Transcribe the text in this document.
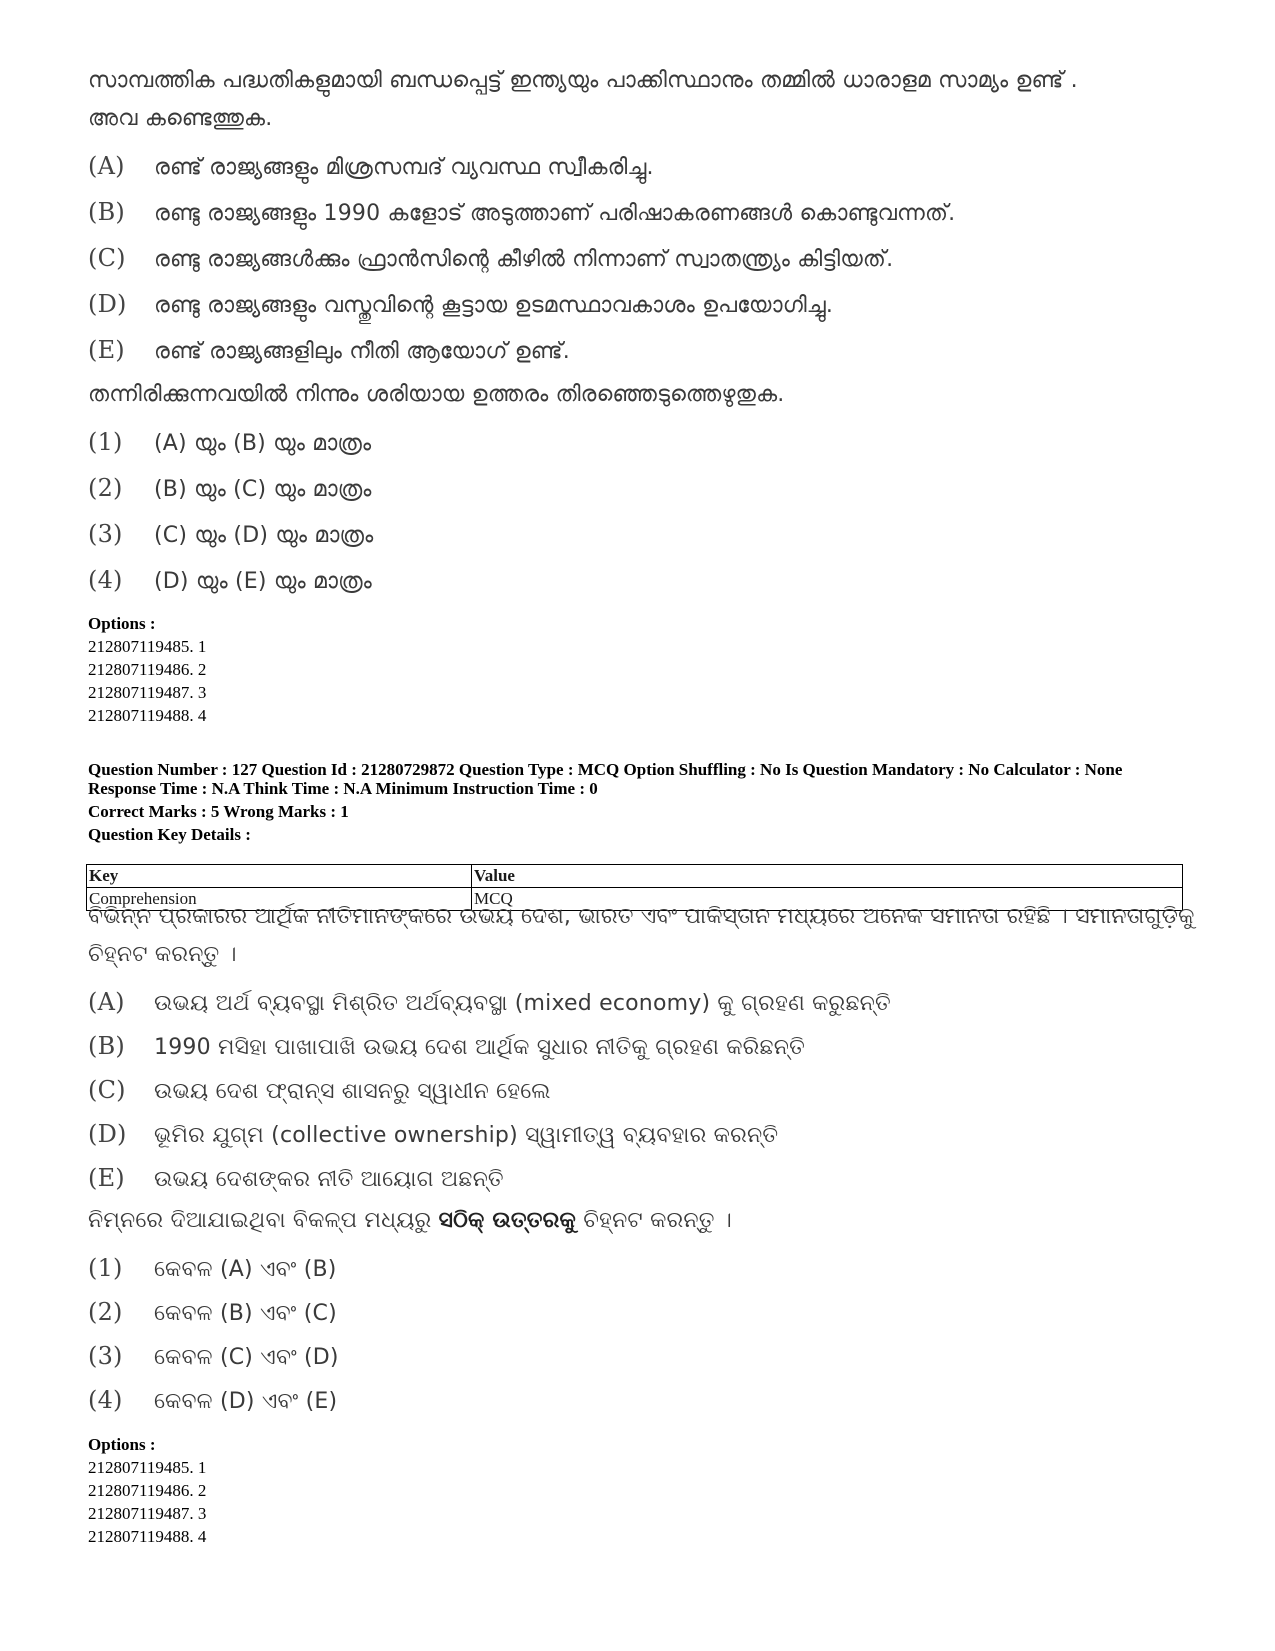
സാമ്പത്തിക പദ്ധതികളുമായി ബന്ധപ്പെട്ട് ഇന്ത്യയും പാക്കിസ്ഥാനും തമ്മിൽ ധാരാളമ സാമ്യം ഉണ്ട് .
അവ കണ്ടെത്തുക.
(A) രണ്ട് രാജ്യങ്ങളും മിശ്രസമ്പദ് വ്യവസ്ഥ സ്വീകരിച്ചു.
(B) രണ്ടു രാജ്യങ്ങളും 1990 കളോട് അടുത്താണ് പരിഷാകരണങ്ങൾ കൊണ്ടുവന്നത്.
(C) രണ്ടു രാജ്യങ്ങൾക്കും ഫ്രാൻസിന്റെ കീഴിൽ നിന്നാണ് സ്വാതന്ത്ര്യം കിട്ടിയത്.
(D) രണ്ടു രാജ്യങ്ങളും വസ്തുവിന്റെ കൂട്ടായ ഉടമസ്ഥാവകാശം ഉപയോഗിച്ചു.
(E) രണ്ട് രാജ്യങ്ങളിലും നീതി ആയോഗ് ഉണ്ട്.
തന്നിരിക്കുന്നവയിൽ നിന്നും ശരിയായ ഉത്തരം തിരഞ്ഞെടുത്തെഴുതുക.
(1) (A) യും (B) യും മാത്രം
(2) (B) യും (C) യും മാത്രം
(3) (C) യും (D) യും മാത്രം
(4) (D) യും (E) യും മാത്രം
Options :
212807119485. 1
212807119486. 2
212807119487. 3
212807119488. 4
Question Number : 127 Question Id : 21280729872 Question Type : MCQ Option Shuffling : No Is Question Mandatory : No Calculator : None
Response Time : N.A Think Time : N.A Minimum Instruction Time : 0
Correct Marks : 5 Wrong Marks : 1
Question Key Details :
Key	Value
Comprehension	MCQ
ବିଭିନ୍ନ ପ୍ରକାରର ଆର୍ଥିକ ନୀତିମାନଙ୍କରେ ଉଭୟ ଦେଶ, ଭାରତ ଏବଂ ପାକିସ୍ତାନ ମଧ୍ୟରେ ଅନେକ ସମାନତା ରହିଛି । ସମାନତାଗୁଡ଼ିକୁ
ଚିହ୍ନଟ କରନ୍ତୁ ।
(A) ଉଭୟ ଅର୍ଥ ବ୍ୟବସ୍ଥା ମିଶ୍ରିତ ଅର୍ଥବ୍ୟବସ୍ଥା (mixed economy) କୁ ଗ୍ରହଣ କରୁଛନ୍ତି
(B) 1990 ମସିହା ପାଖାପାଖି ଉଭୟ ଦେଶ ଆର୍ଥିକ ସୁଧାର ନୀତିକୁ ଗ୍ରହଣ କରିଛନ୍ତି
(C) ଉଭୟ ଦେଶ ଫ୍ରାନ୍ସ ଶାସନରୁ ସ୍ୱାଧୀନ ହେଲେ
(D) ଭୂମିର ଯୁଗ୍ମ (collective ownership) ସ୍ୱାମୀତ୍ୱ ବ୍ୟବହାର କରନ୍ତି
(E) ଉଭୟ ଦେଶଙ୍କର ନୀତି ଆୟୋଗ ଅଛନ୍ତି
ନିମ୍ନରେ ଦିଆଯାଇଥିବା ବିକଳ୍ପ ମଧ୍ୟରୁ ସଠିକ୍ ଉତ୍ତରକୁ ଚିହ୍ନଟ କରନ୍ତୁ ।
(1) କେବଳ (A) ଏବଂ (B)
(2) କେବଳ (B) ଏବଂ (C)
(3) କେବଳ (C) ଏବଂ (D)
(4) କେବଳ (D) ଏବଂ (E)
Options :
212807119485. 1
212807119486. 2
212807119487. 3
212807119488. 4
